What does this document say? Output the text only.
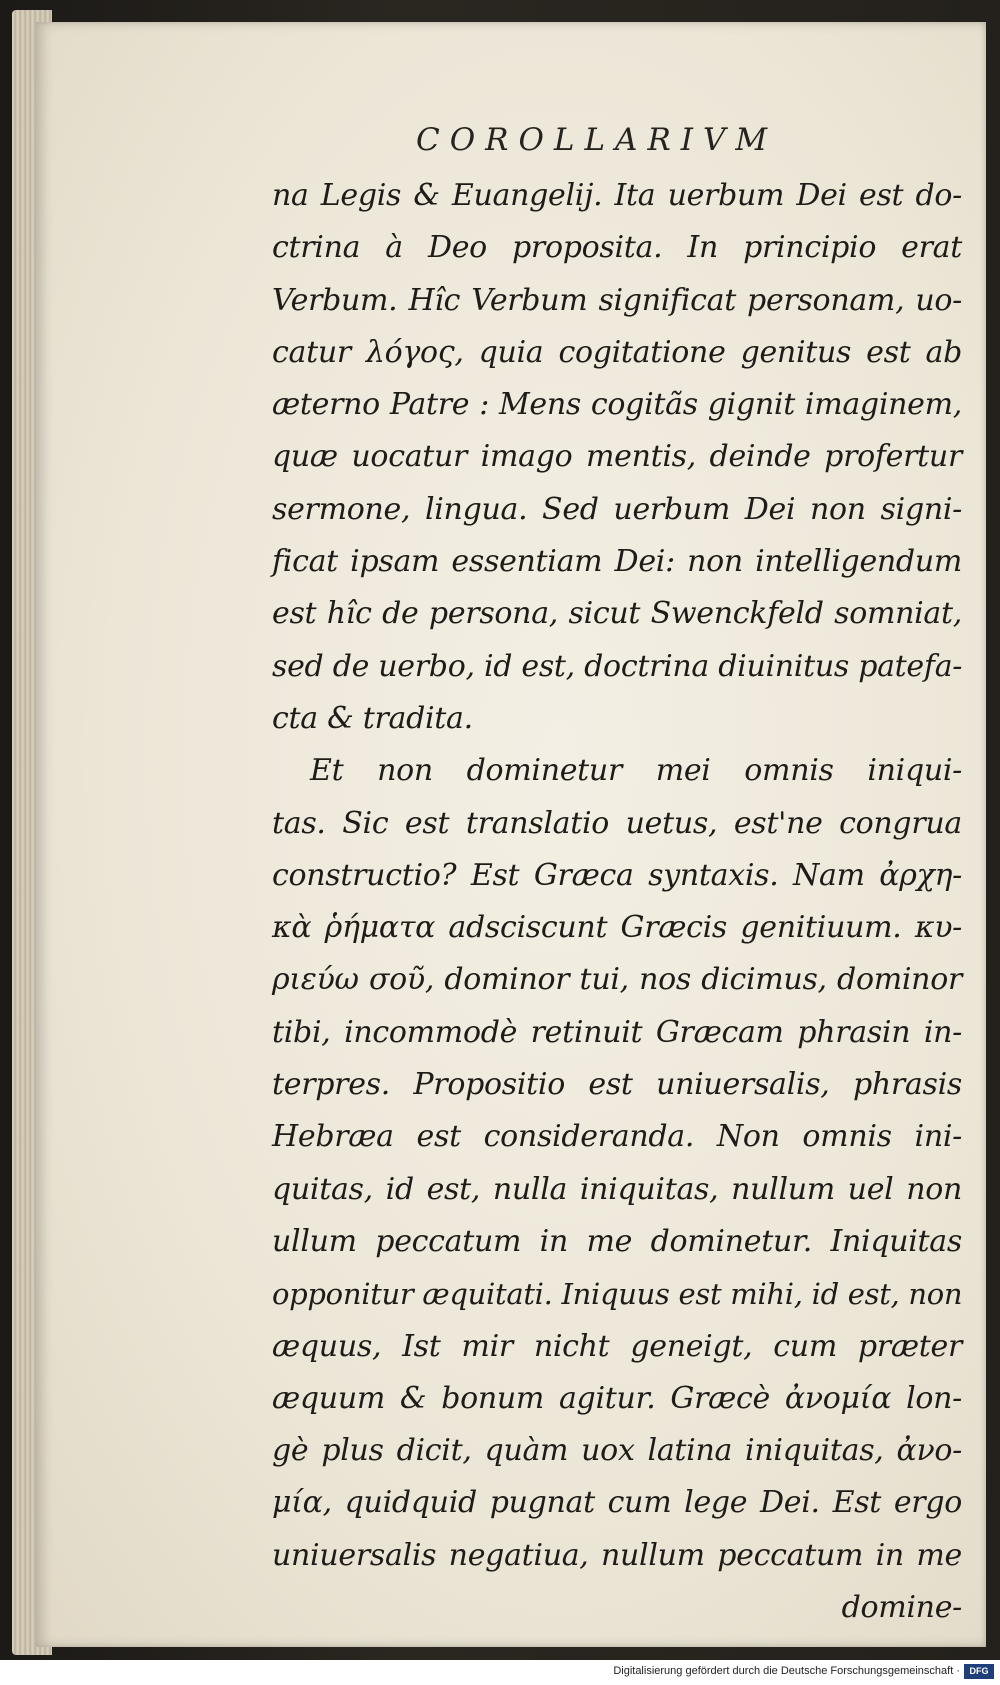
COROLLARIVM
na Legis & Euangelij. Ita uerbum Dei est do-
ctrina à Deo proposita. In principio erat
Verbum. Hîc Verbum significat personam, uo-
catur λόγος, quia cogitatione genitus est ab
æterno Patre : Mens cogitãs gignit imaginem,
quæ uocatur imago mentis, deinde profertur
sermone, lingua. Sed uerbum Dei non signi-
ficat ipsam essentiam Dei: non intelligendum
est hîc de persona, sicut Swenckfeld somniat,
sed de uerbo, id est, doctrina diuinitus patefa-
cta & tradita.
Et non dominetur mei omnis iniqui-
tas. Sic est translatio uetus, est'ne congrua
constructio? Est Græca syntaxis. Nam ἀρχη-
κὰ ῥήματα adsciscunt Græcis genitiuum. κυ-
ριεύω σοῦ, dominor tui, nos dicimus, dominor
tibi, incommodè retinuit Græcam phrasin in-
terpres. Propositio est uniuersalis, phrasis
Hebræa est consideranda. Non omnis ini-
quitas, id est, nulla iniquitas, nullum uel non
ullum peccatum in me dominetur. Iniquitas
opponitur æquitati. Iniquus est mihi, id est, non
æquus, Ist mir nicht geneigt, cum præter
æquum & bonum agitur. Græcè ἀνομία lon-
gè plus dicit, quàm uox latina iniquitas, ἀνο-
μία, quidquid pugnat cum lege Dei. Est ergo
uniuersalis negatiua, nullum peccatum in me
domine-
Digitalisierung gefördert durch die Deutsche Forschungsgemeinschaft ·	DFG
